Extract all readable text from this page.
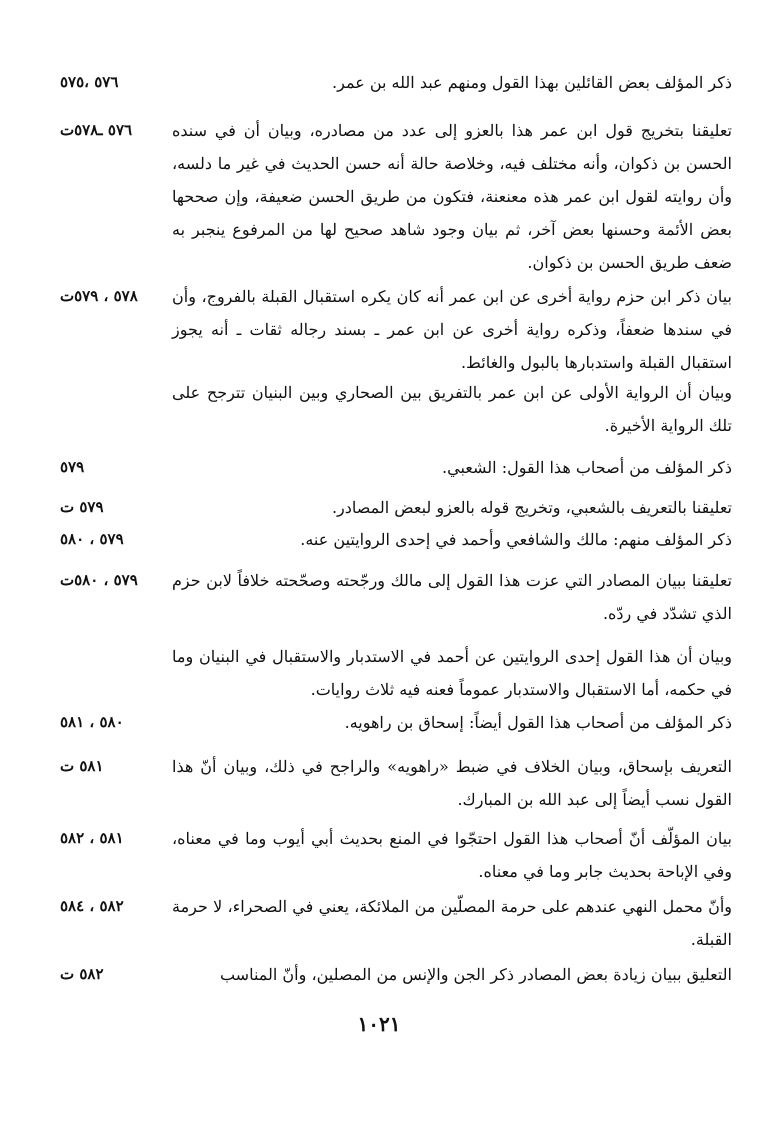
ذكر المؤلف بعض القائلين بهذا القول ومنهم عبد الله بن عمر.
٥٧٦ ،٥٧٥
تعليقنا بتخريج قول ابن عمر هذا بالعزو إلى عدد من مصادره، وبيان أن في سنده الحسن بن ذكوان، وأنه مختلف فيه، وخلاصة حالة أنه حسن الحديث في غير ما دلسه، وأن روايته لقول ابن عمر هذه معنعنة، فتكون من طريق الحسن ضعيفة، وإن صححها بعض الأئمة وحسنها بعض آخر، ثم بيان وجود شاهد صحيح لها من المرفوع ينجبر به ضعف طريق الحسن بن ذكوان.
٥٧٦ ـ٥٧٨ت
بيان ذكر ابن حزم رواية أخرى عن ابن عمر أنه كان يكره استقبال القبلة بالفروج، وأن في سندها ضعفاً، وذكره رواية أخرى عن ابن عمر ـ بسند رجاله ثقات ـ أنه يجوز استقبال القبلة واستدبارها بالبول والغائط.
٥٧٨ ، ٥٧٩ت
وبيان أن الرواية الأولى عن ابن عمر بالتفريق بين الصحاري وبين البنيان تترجح على تلك الرواية الأخيرة.
ذكر المؤلف من أصحاب هذا القول: الشعبي.
٥٧٩
تعليقنا بالتعريف بالشعبي، وتخريج قوله بالعزو لبعض المصادر.
٥٧٩ ت
ذكر المؤلف منهم: مالك والشافعي وأحمد في إحدى الروايتين عنه.
٥٧٩ ، ٥٨٠
تعليقنا ببيان المصادر التي عزت هذا القول إلى مالك ورجّحته وصحّحته خلافاً لابن حزم الذي تشدّد في ردّه.
٥٧٩ ، ٥٨٠ت
وبيان أن هذا القول إحدى الروايتين عن أحمد في الاستدبار والاستقبال في البنيان وما في حكمه، أما الاستقبال والاستدبار عموماً فعنه فيه ثلاث روايات.
ذكر المؤلف من أصحاب هذا القول أيضاً: إسحاق بن راهويه.
٥٨٠ ، ٥٨١
التعريف بإسحاق، وبيان الخلاف في ضبط «راهويه» والراجح في ذلك، وبيان أنّ هذا القول نسب أيضاً إلى عبد الله بن المبارك.
٥٨١ ت
بيان المؤلّف أنّ أصحاب هذا القول احتجّوا في المنع بحديث أبي أيوب وما في معناه، وفي الإباحة بحديث جابر وما في معناه.
٥٨١ ، ٥٨٢
وأنّ محمل النهي عندهم على حرمة المصلّين من الملائكة، يعني في الصحراء، لا حرمة القبلة.
٥٨٢ ، ٥٨٤
التعليق ببيان زيادة بعض المصادر ذكر الجن والإنس من المصلين، وأنّ المناسب
٥٨٢ ت
١٠٢١
